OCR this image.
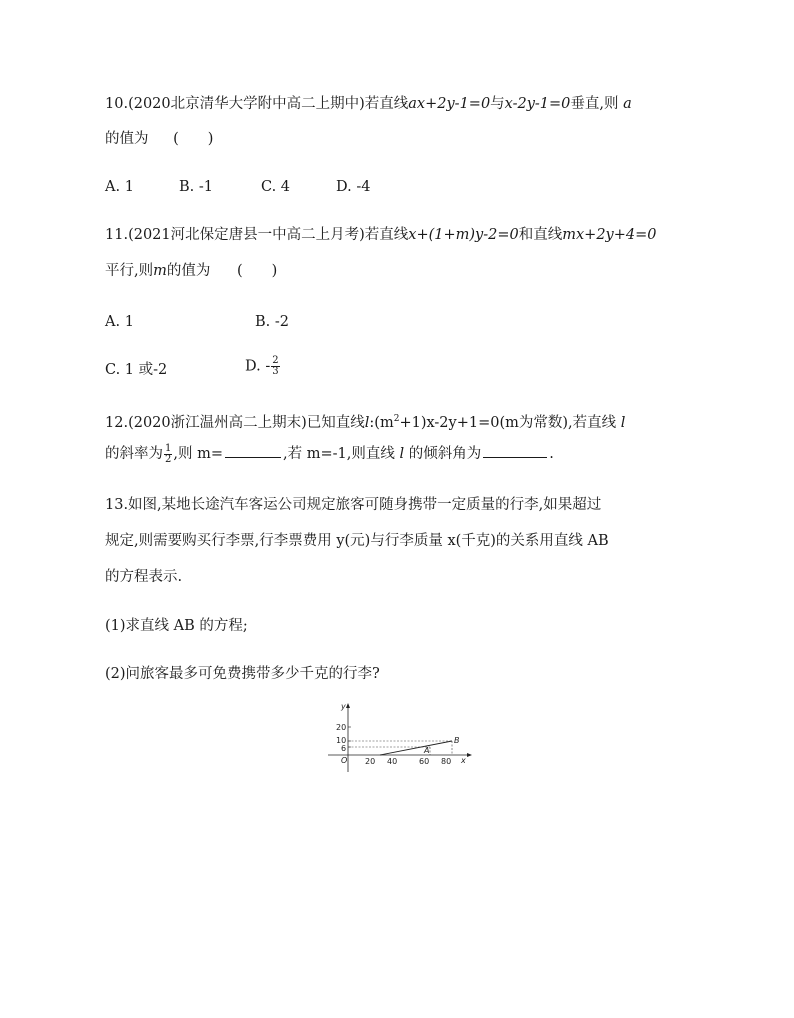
10.(2020北京清华大学附中高二上期中)若直线ax+2y-1=0与x-2y-1=0垂直,则 a
的值为 (　　)
A. 1	B. -1	C. 4	D. -4
11.(2021河北保定唐县一中高二上月考)若直线x+(1+m)y-2=0和直线mx+2y+4=0
平行,则m的值为 (　　)
A. 1	B. -2
C. 1 或-2	D. - $\frac{2}{3}$
12.(2020浙江温州高二上期末)已知直线$l:(m^2+1)x-2y+1=0(m$为常数),若直线 l
的斜率为 $\frac{1}{2}$ ,则 m=	,若 m=-1,则直线 l 的倾斜角为	.
13.如图,某地长途汽车客运公司规定旅客可随身携带一定质量的行李,如果超过
规定,则需要购买行李票,行李票费用 y(元)与行李质量 x(千克)的关系用直线 AB
的方程表示.
(1)求直线 AB 的方程;
(2)问旅客最多可免费携带多少千克的行李?
y
x
O
20
10
6	A
B
20 40	60 80
